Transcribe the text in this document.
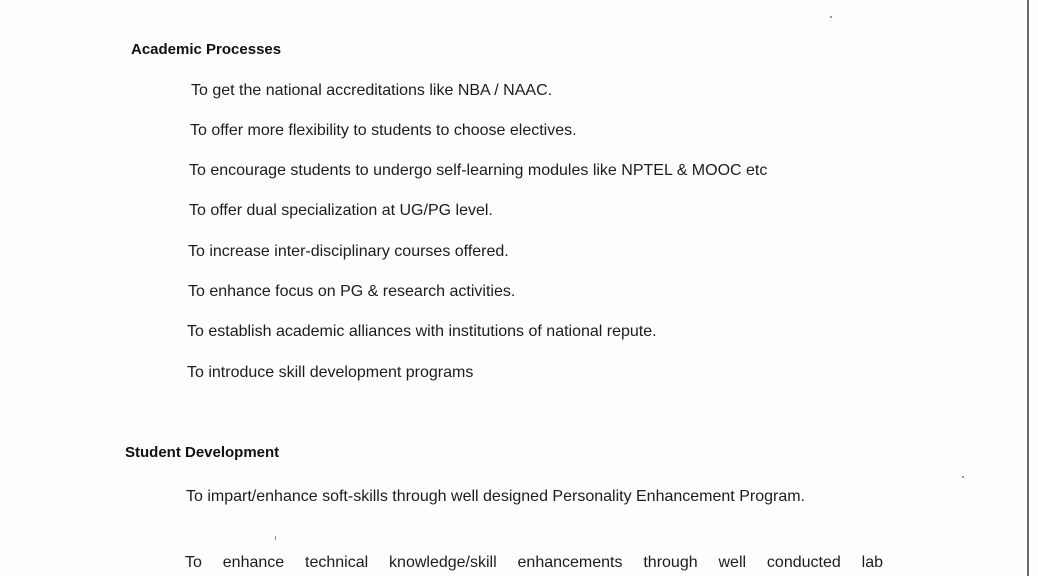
Academic Processes
To get the national accreditations like NBA / NAAC.
To offer more flexibility to students to choose electives.
To encourage students to undergo self-learning modules like NPTEL & MOOC etc
To offer dual specialization at UG/PG level.
To increase inter-disciplinary courses offered.
To enhance focus on PG & research activities.
To establish academic alliances with institutions of national repute.
To introduce skill development programs
Student Development
To impart/enhance soft-skills through well designed Personality Enhancement Program.
To enhance technical knowledge/skill enhancements through well conducted lab
